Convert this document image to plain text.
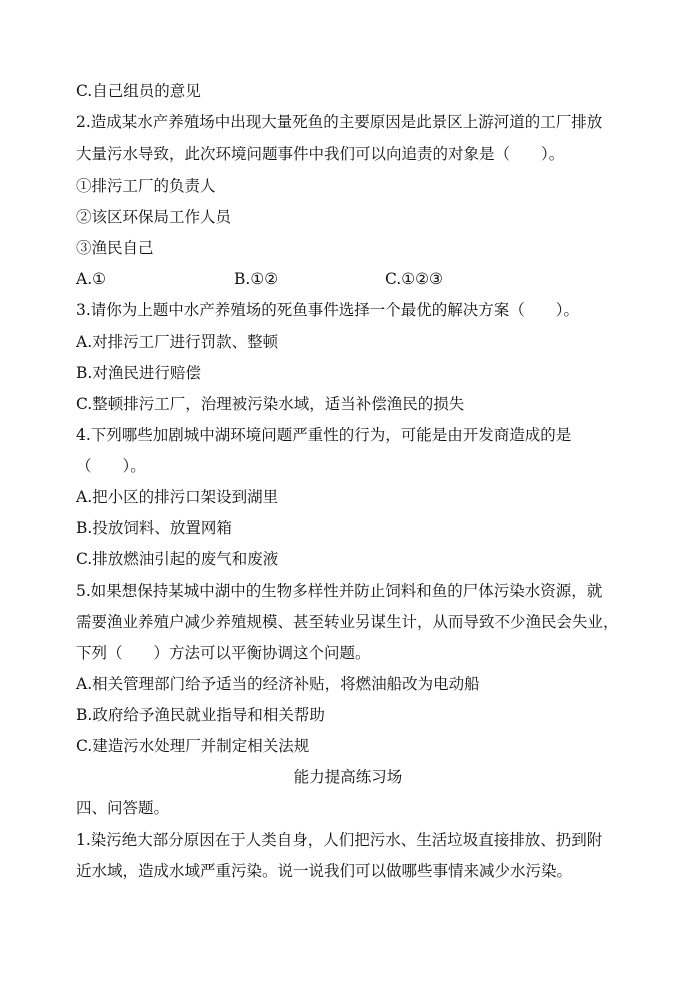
C.自己组员的意见
2.造成某水产养殖场中出现大量死鱼的主要原因是此景区上游河道的工厂排放
大量污水导致，此次环境问题事件中我们可以向追责的对象是（　　）。
①排污工厂的负责人
②该区环保局工作人员
③渔民自己
A.①	B.①②	C.①②③
3.请你为上题中水产养殖场的死鱼事件选择一个最优的解决方案（　　）。
A.对排污工厂进行罚款、整顿
B.对渔民进行赔偿
C.整顿排污工厂，治理被污染水域，适当补偿渔民的损失
4.下列哪些加剧城中湖环境问题严重性的行为，可能是由开发商造成的是
（　　）。
A.把小区的排污口架设到湖里
B.投放饲料、放置网箱
C.排放燃油引起的废气和废液
5.如果想保持某城中湖中的生物多样性并防止饲料和鱼的尸体污染水资源，就
需要渔业养殖户减少养殖规模、甚至转业另谋生计，从而导致不少渔民会失业，
下列（　　）方法可以平衡协调这个问题。
A.相关管理部门给予适当的经济补贴，将燃油船改为电动船
B.政府给予渔民就业指导和相关帮助
C.建造污水处理厂并制定相关法规
能力提高练习场
四、问答题。
1.染污绝大部分原因在于人类自身，人们把污水、生活垃圾直接排放、扔到附
近水域，造成水域严重污染。说一说我们可以做哪些事情来减少水污染。
